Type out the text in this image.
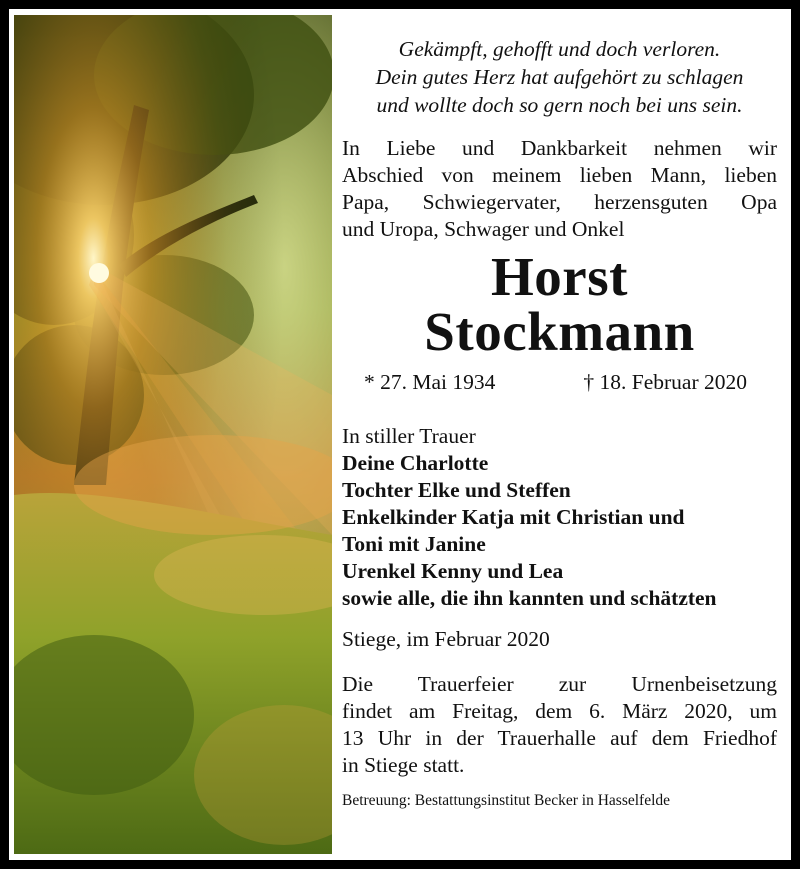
Gekämpft, gehofft und doch verloren.
Dein gutes Herz hat aufgehört zu schlagen
und wollte doch so gern noch bei uns sein.
In Liebe und Dankbarkeit nehmen wir
Abschied von meinem lieben Mann, lieben
Papa, Schwiegervater, herzensguten Opa
und Uropa, Schwager und Onkel
Horst
Stockmann
* 27. Mai 1934	† 18. Februar 2020
In stiller Trauer
Deine Charlotte
Tochter Elke und Steffen
Enkelkinder Katja mit Christian und
Toni mit Janine
Urenkel Kenny und Lea
sowie alle, die ihn kannten und schätzten
Stiege, im Februar 2020
Die Trauerfeier zur Urnenbeisetzung
findet am Freitag, dem 6. März 2020, um
13 Uhr in der Trauerhalle auf dem Friedhof
in Stiege statt.
Betreuung: Bestattungsinstitut Becker in Hasselfelde
